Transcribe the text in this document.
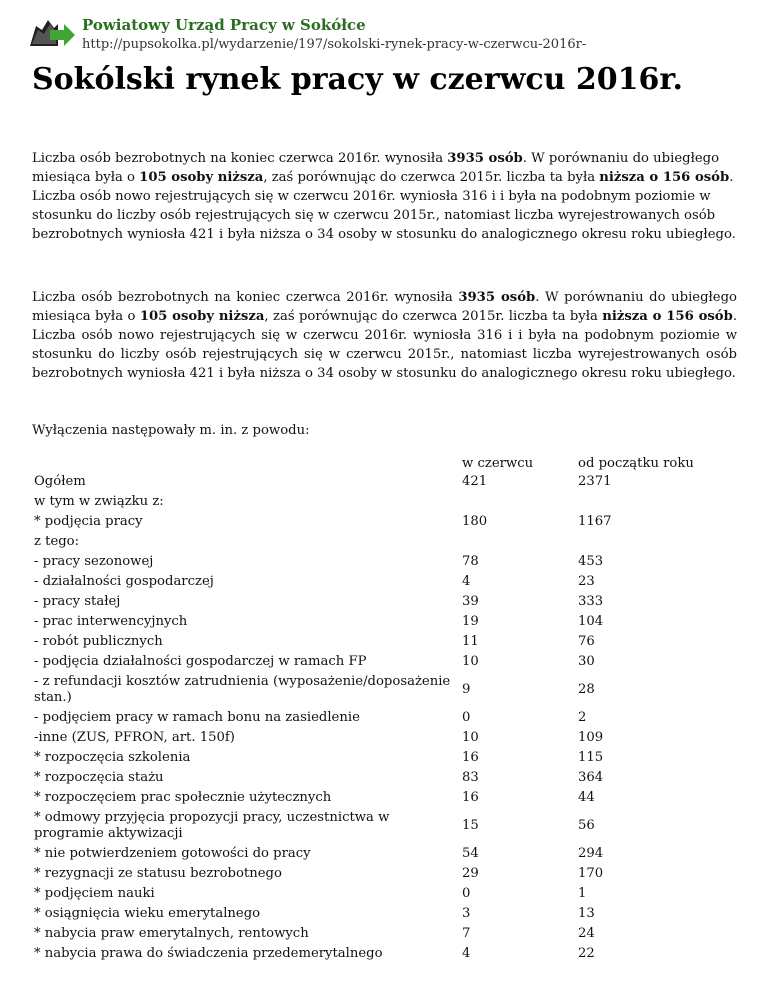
Powiatowy Urząd Pracy w Sokółce
http://pupsokolka.pl/wydarzenie/197/sokolski-rynek-pracy-w-czerwcu-2016r-
Sokólski rynek pracy w czerwcu 2016r.

Liczba osób bezrobotnych na koniec czerwca 2016r. wynosiła 3935 osób. W porównaniu do ubiegłego miesiąca była o 105 osoby niższa, zaś porównując do czerwca 2015r. liczba ta była niższa o 156 osób. Liczba osób nowo rejestrujących się w czerwcu 2016r. wyniosła 316 i i była na podobnym poziomie w stosunku do liczby osób rejestrujących się w czerwcu 2015r., natomiast liczba wyrejestrowanych osób bezrobotnych wyniosła 421 i była niższa o 34 osoby w stosunku do analogicznego okresu roku ubiegłego.

Liczba osób bezrobotnych na koniec czerwca 2016r. wynosiła 3935 osób. W porównaniu do ubiegłego miesiąca była o 105 osoby niższa, zaś porównując do czerwca 2015r. liczba ta była niższa o 156 osób. Liczba osób nowo rejestrujących się w czerwcu 2016r. wyniosła 316 i i była na podobnym poziomie w stosunku do liczby osób rejestrujących się w czerwcu 2015r., natomiast liczba wyrejestrowanych osób bezrobotnych wyniosła 421 i była niższa o 34 osoby w stosunku do analogicznego okresu roku ubiegłego.

Wyłączenia następowały m. in. z powodu:

	w czerwcu	od początku roku
Ogółem	421	2371
w tym w związku z:		
* podjęcia pracy	180	1167
z tego:		
- pracy sezonowej	78	453
- działalności gospodarczej	4	23
- pracy stałej	39	333
- prac interwencyjnych	19	104
- robót publicznych	11	76
- podjęcia działalności gospodarczej w ramach FP	10	30
- z refundacji kosztów zatrudnienia (wyposażenie/doposażenie stan.)	9	28
- podjęciem pracy w ramach bonu na zasiedlenie	0	2
-inne (ZUS, PFRON, art. 150f)	10	109
* rozpoczęcia szkolenia	16	115
* rozpoczęcia stażu	83	364
* rozpoczęciem prac społecznie użytecznych	16	44
* odmowy przyjęcia propozycji pracy, uczestnictwa w programie aktywizacji	15	56
* nie potwierdzeniem gotowości do pracy	54	294
* rezygnacji ze statusu bezrobotnego	29	170
* podjęciem nauki	0	1
* osiągnięcia wieku emerytalnego	3	13
* nabycia praw emerytalnych, rentowych	7	24
* nabycia prawa do świadczenia przedemerytalnego	4	22
